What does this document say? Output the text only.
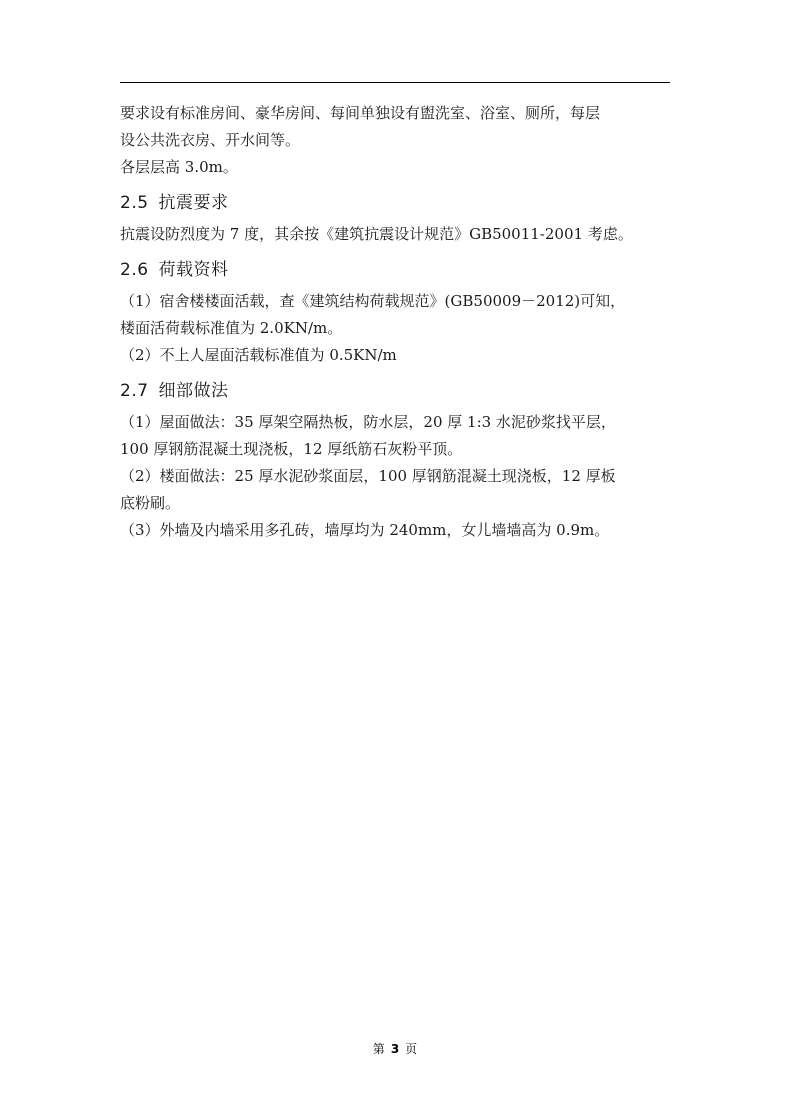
要求设有标准房间、豪华房间、每间单独设有盥洗室、浴室、厕所，每层

设公共洗衣房、开水间等。

各层层高 3.0m。

2.5 抗震要求

抗震设防烈度为 7 度，其余按《建筑抗震设计规范》GB50011-2001 考虑。

2.6 荷载资料

（1）宿舍楼楼面活载，查《建筑结构荷载规范》(GB50009－2012)可知，

楼面活荷载标准值为 2.0KN/m。

（2）不上人屋面活载标准值为 0.5KN/m

2.7 细部做法

（1）屋面做法：35 厚架空隔热板，防水层，20 厚 1:3 水泥砂浆找平层，

100 厚钢筋混凝土现浇板，12 厚纸筋石灰粉平顶。

（2）楼面做法：25 厚水泥砂浆面层，100 厚钢筋混凝土现浇板，12 厚板

底粉刷。

（3）外墙及内墙采用多孔砖，墙厚均为 240mm，女儿墙墙高为 0.9m。

第 3 页
